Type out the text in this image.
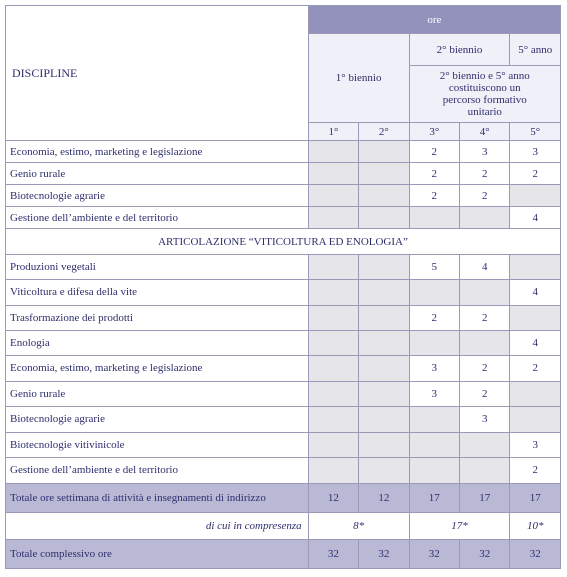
DISCIPLINE	ore				
	1° biennio		2° biennio		5° anno
			2° biennio e 5° anno costituiscono un percorso formativo unitario		
	1°	2°	3°	4°	5°
Economia, estimo, marketing e legislazione			2	3	3
Genio rurale			2	2	2
Biotecnologie agrarie			2	2	
Gestione dell’ambiente e del territorio					4
ARTICOLAZIONE “VITICOLTURA ED ENOLOGIA”					
Produzioni vegetali			5	4	
Viticoltura e difesa della vite					4
Trasformazione dei prodotti			2	2	
Enologia					4
Economia, estimo, marketing e legislazione			3	2	2
Genio rurale			3	2	
Biotecnologie agrarie				3	
Biotecnologie vitivinicole					3
Gestione dell’ambiente e del territorio					2
Totale ore settimana di attività e insegnamenti di indirizzo	12	12	17	17	17
di cui in compresenza	8*		17*		10*
Totale complessivo ore	32	32	32	32	32
